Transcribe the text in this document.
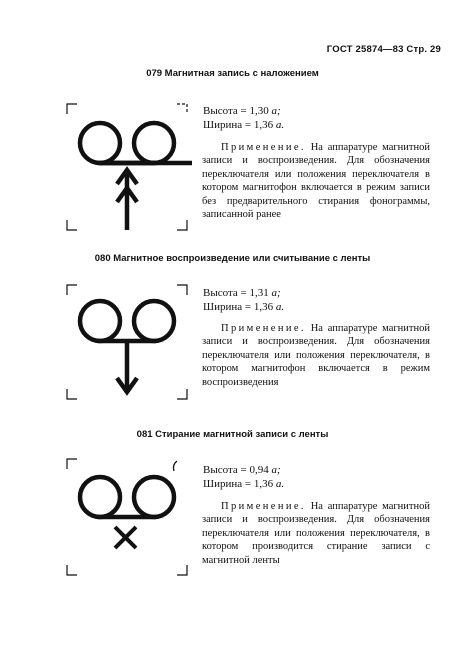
ГОСТ 25874—83 Стр. 29
079 Магнитная запись с наложением
Высота = 1,30 a;
Ширина = 1,36 a.
Применение. На аппаратуре магнитной записи и воспроизведения. Для обозначения переключателя или положения переключателя в котором магнитофон включается в режим записи без предварительного стирания фонограммы, записанной ранее
080 Магнитное воспроизведение или считывание с ленты
Высота = 1,31 a;
Ширина = 1,36 a.
Применение. На аппаратуре магнитной записи и воспроизведения. Для обозначения переключателя или положения переключателя, в котором магнитофон включается в режим воспроизведения
081 Стирание магнитной записи с ленты
Высота = 0,94 a;
Ширина = 1,36 a.
Применение. На аппаратуре магнитной записи и воспроизведения. Для обозначения переключателя или положения переключателя, в котором производится стирание записи с магнитной ленты
